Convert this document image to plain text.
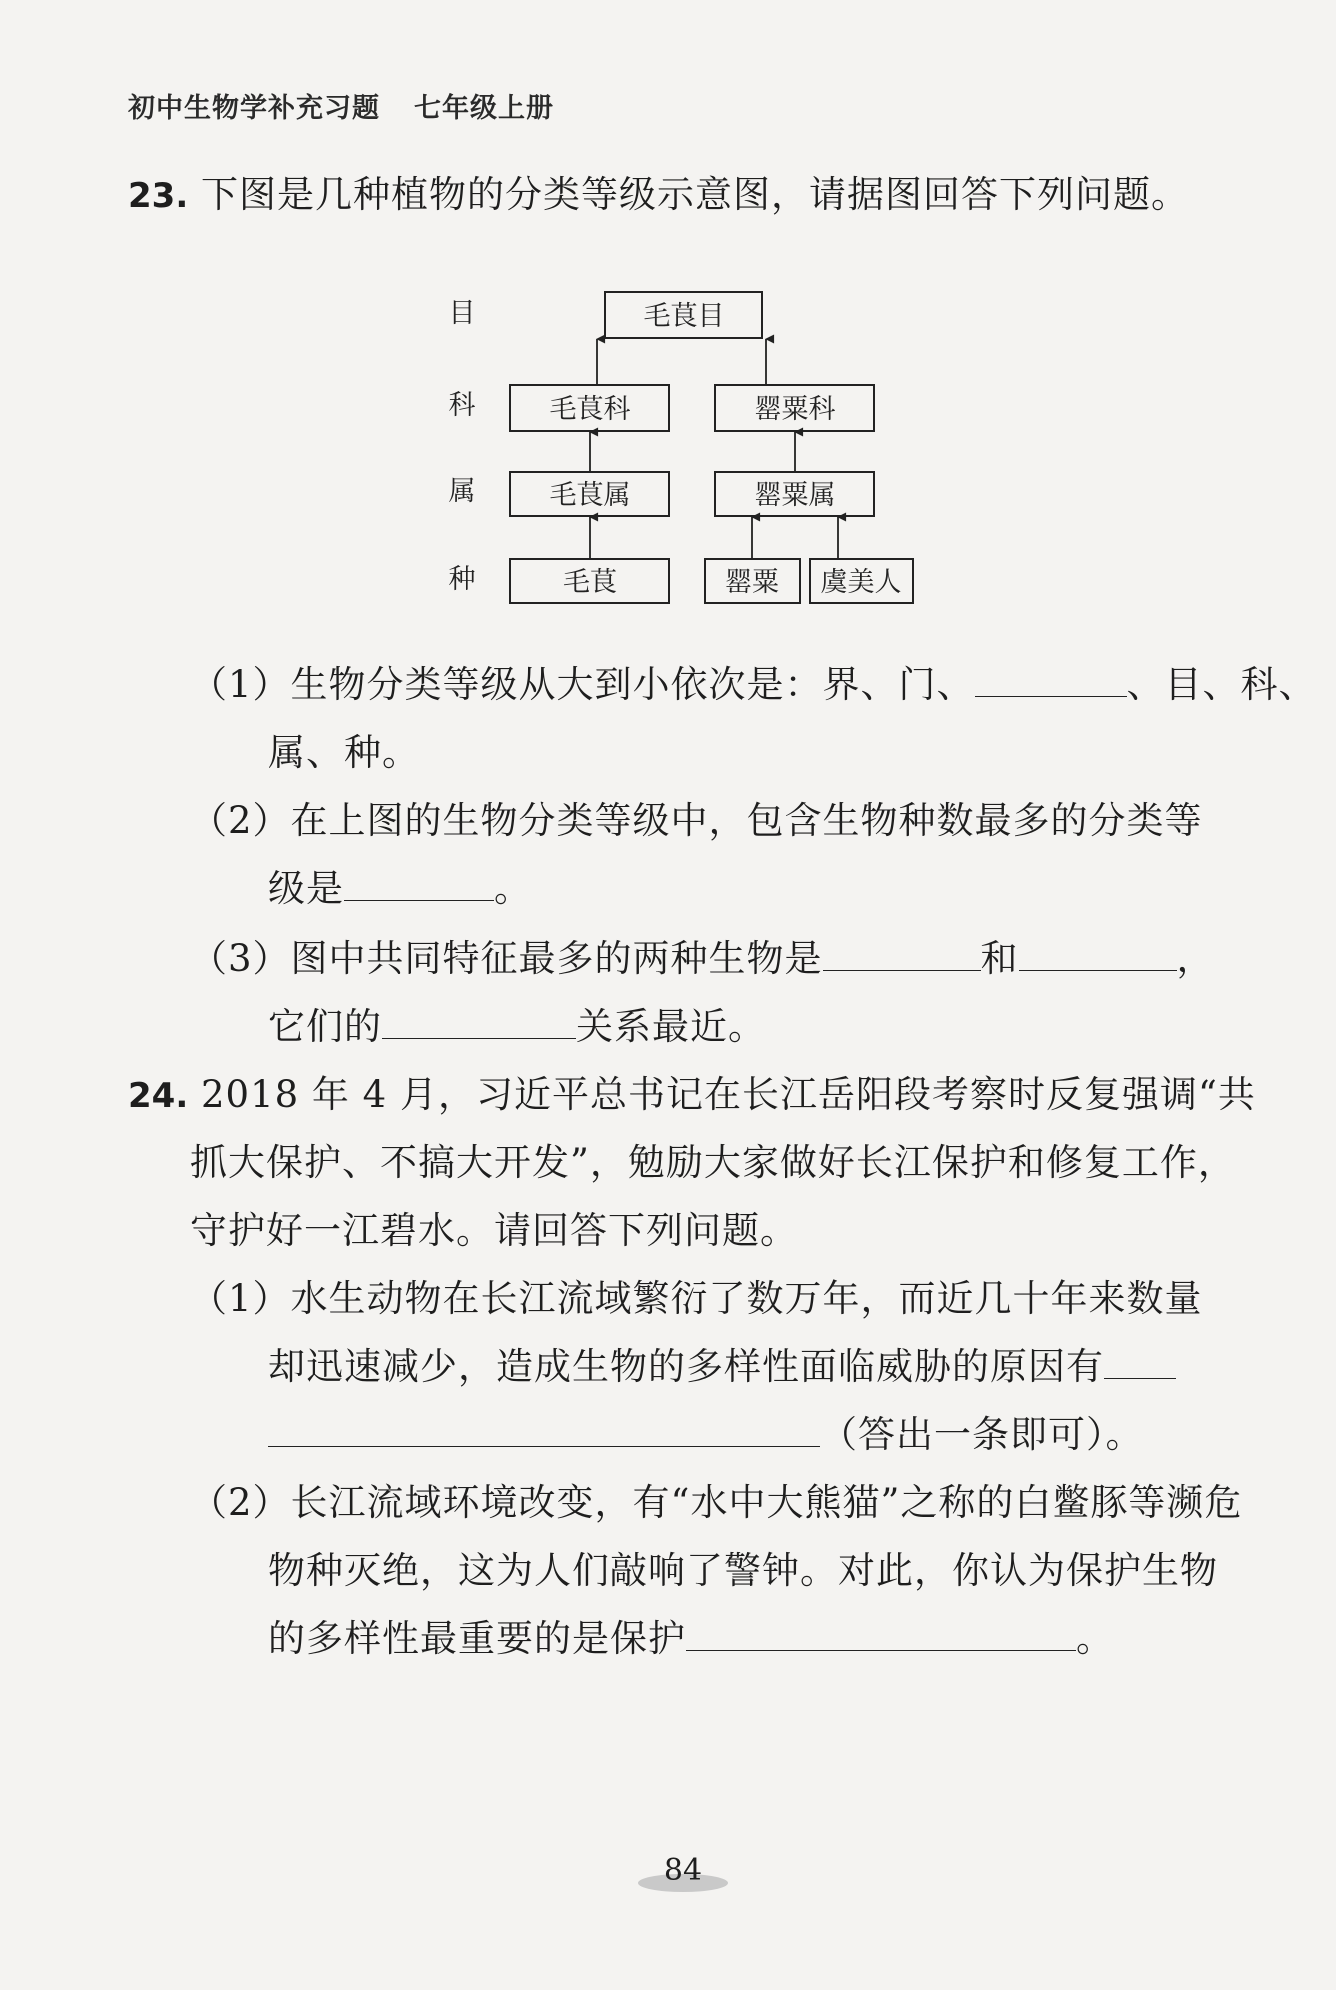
初中生物学补充习题 七年级上册
23. 下图是几种植物的分类等级示意图，请据图回答下列问题。
目
科
属
种
毛茛目
毛茛科	罂粟科
毛茛属	罂粟属
毛茛	罂粟 虞美人
（1）生物分类等级从大到小依次是：界、门、	、目、科、
属、种。
（2）在上图的生物分类等级中，包含生物种数最多的分类等
级是	。
（3）图中共同特征最多的两种生物是	和	，
它们的	关系最近。
24. 2018 年 4 月，习近平总书记在长江岳阳段考察时反复强调“共
抓大保护、不搞大开发”，勉励大家做好长江保护和修复工作，
守护好一江碧水。请回答下列问题。
（1）水生动物在长江流域繁衍了数万年，而近几十年来数量
却迅速减少，造成生物的多样性面临威胁的原因有
（答出一条即可）。
（2）长江流域环境改变，有“水中大熊猫”之称的白鳖豚等濒危
物种灭绝，这为人们敲响了警钟。对此，你认为保护生物
的多样性最重要的是保护	。
84
